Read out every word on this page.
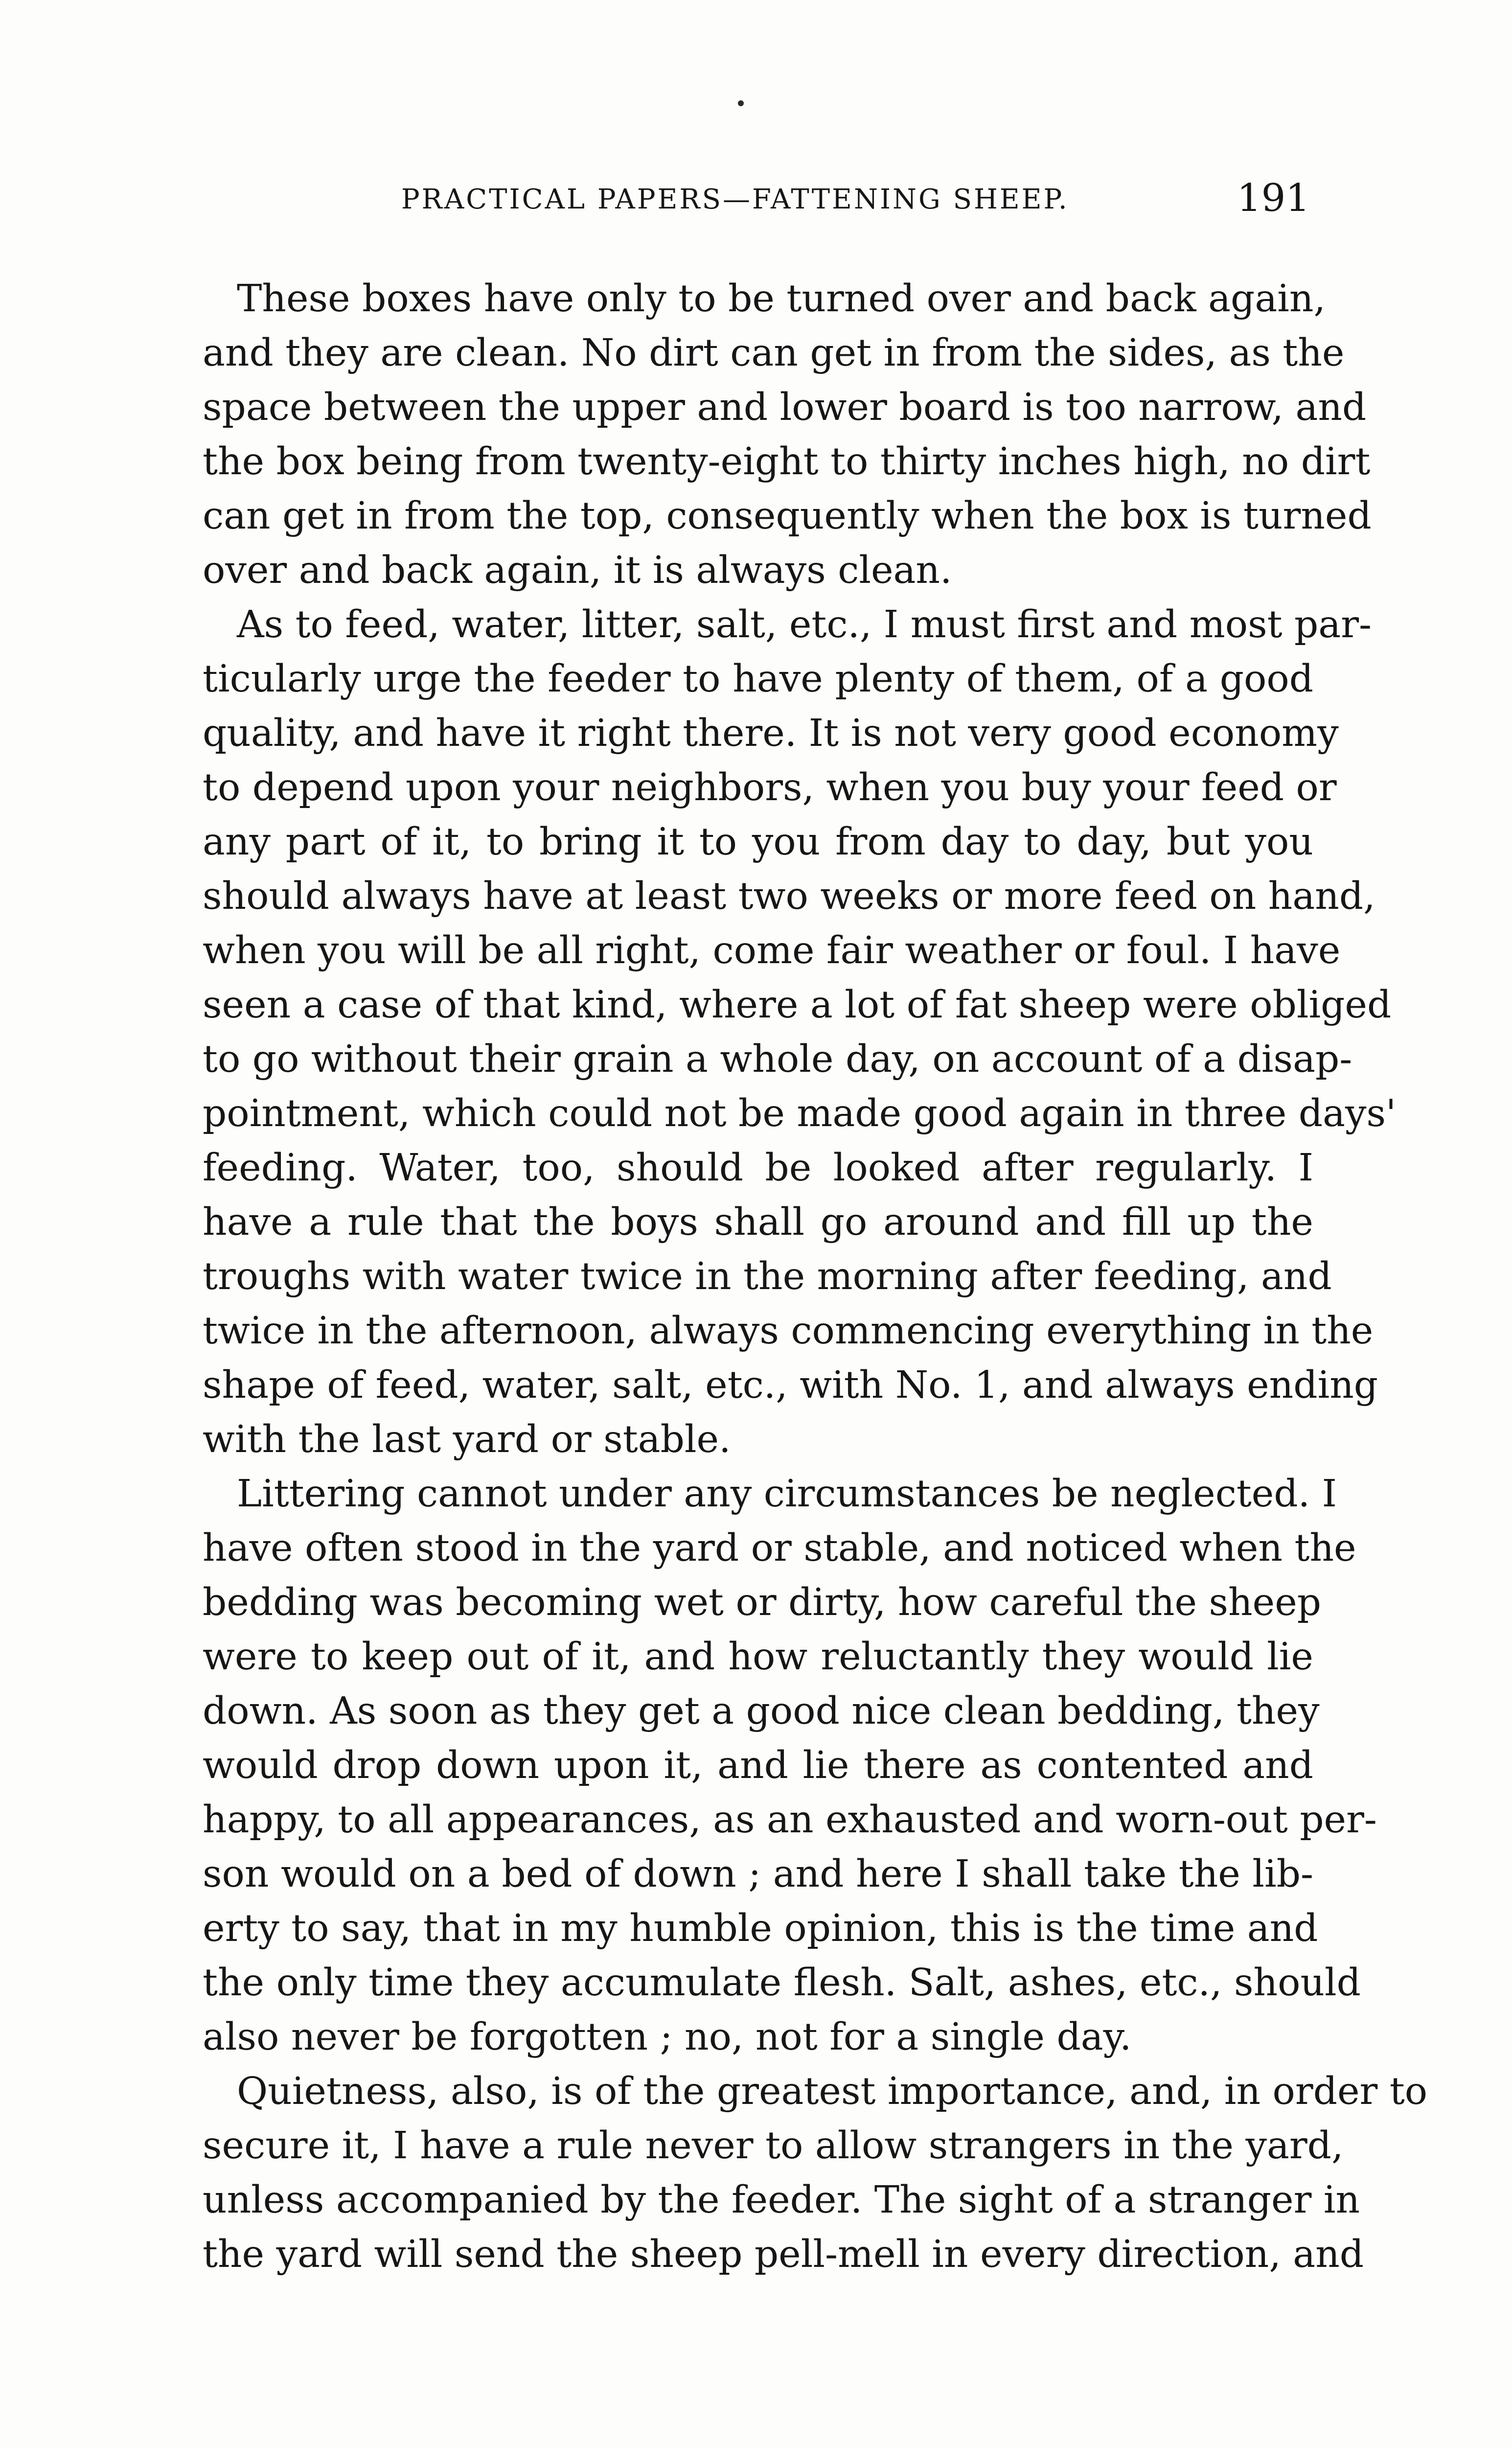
PRACTICAL PAPERS—FATTENING SHEEP.	191
These boxes have only to be turned over and back again,
and they are clean. No dirt can get in from the sides, as the
space between the upper and lower board is too narrow, and
the box being from twenty-eight to thirty inches high, no dirt
can get in from the top, consequently when the box is turned
over and back again, it is always clean.
As to feed, water, litter, salt, etc., I must first and most par-
ticularly urge the feeder to have plenty of them, of a good
quality, and have it right there. It is not very good economy
to depend upon your neighbors, when you buy your feed or
any part of it, to bring it to you from day to day, but you
should always have at least two weeks or more feed on hand,
when you will be all right, come fair weather or foul. I have
seen a case of that kind, where a lot of fat sheep were obliged
to go without their grain a whole day, on account of a disap-
pointment, which could not be made good again in three days'
feeding. Water, too, should be looked after regularly. I
have a rule that the boys shall go around and fill up the
troughs with water twice in the morning after feeding, and
twice in the afternoon, always commencing everything in the
shape of feed, water, salt, etc., with No. 1, and always ending
with the last yard or stable.
Littering cannot under any circumstances be neglected. I
have often stood in the yard or stable, and noticed when the
bedding was becoming wet or dirty, how careful the sheep
were to keep out of it, and how reluctantly they would lie
down. As soon as they get a good nice clean bedding, they
would drop down upon it, and lie there as contented and
happy, to all appearances, as an exhausted and worn-out per-
son would on a bed of down ; and here I shall take the lib-
erty to say, that in my humble opinion, this is the time and
the only time they accumulate flesh. Salt, ashes, etc., should
also never be forgotten ; no, not for a single day.
Quietness, also, is of the greatest importance, and, in order to
secure it, I have a rule never to allow strangers in the yard,
unless accompanied by the feeder. The sight of a stranger in
the yard will send the sheep pell-mell in every direction, and
